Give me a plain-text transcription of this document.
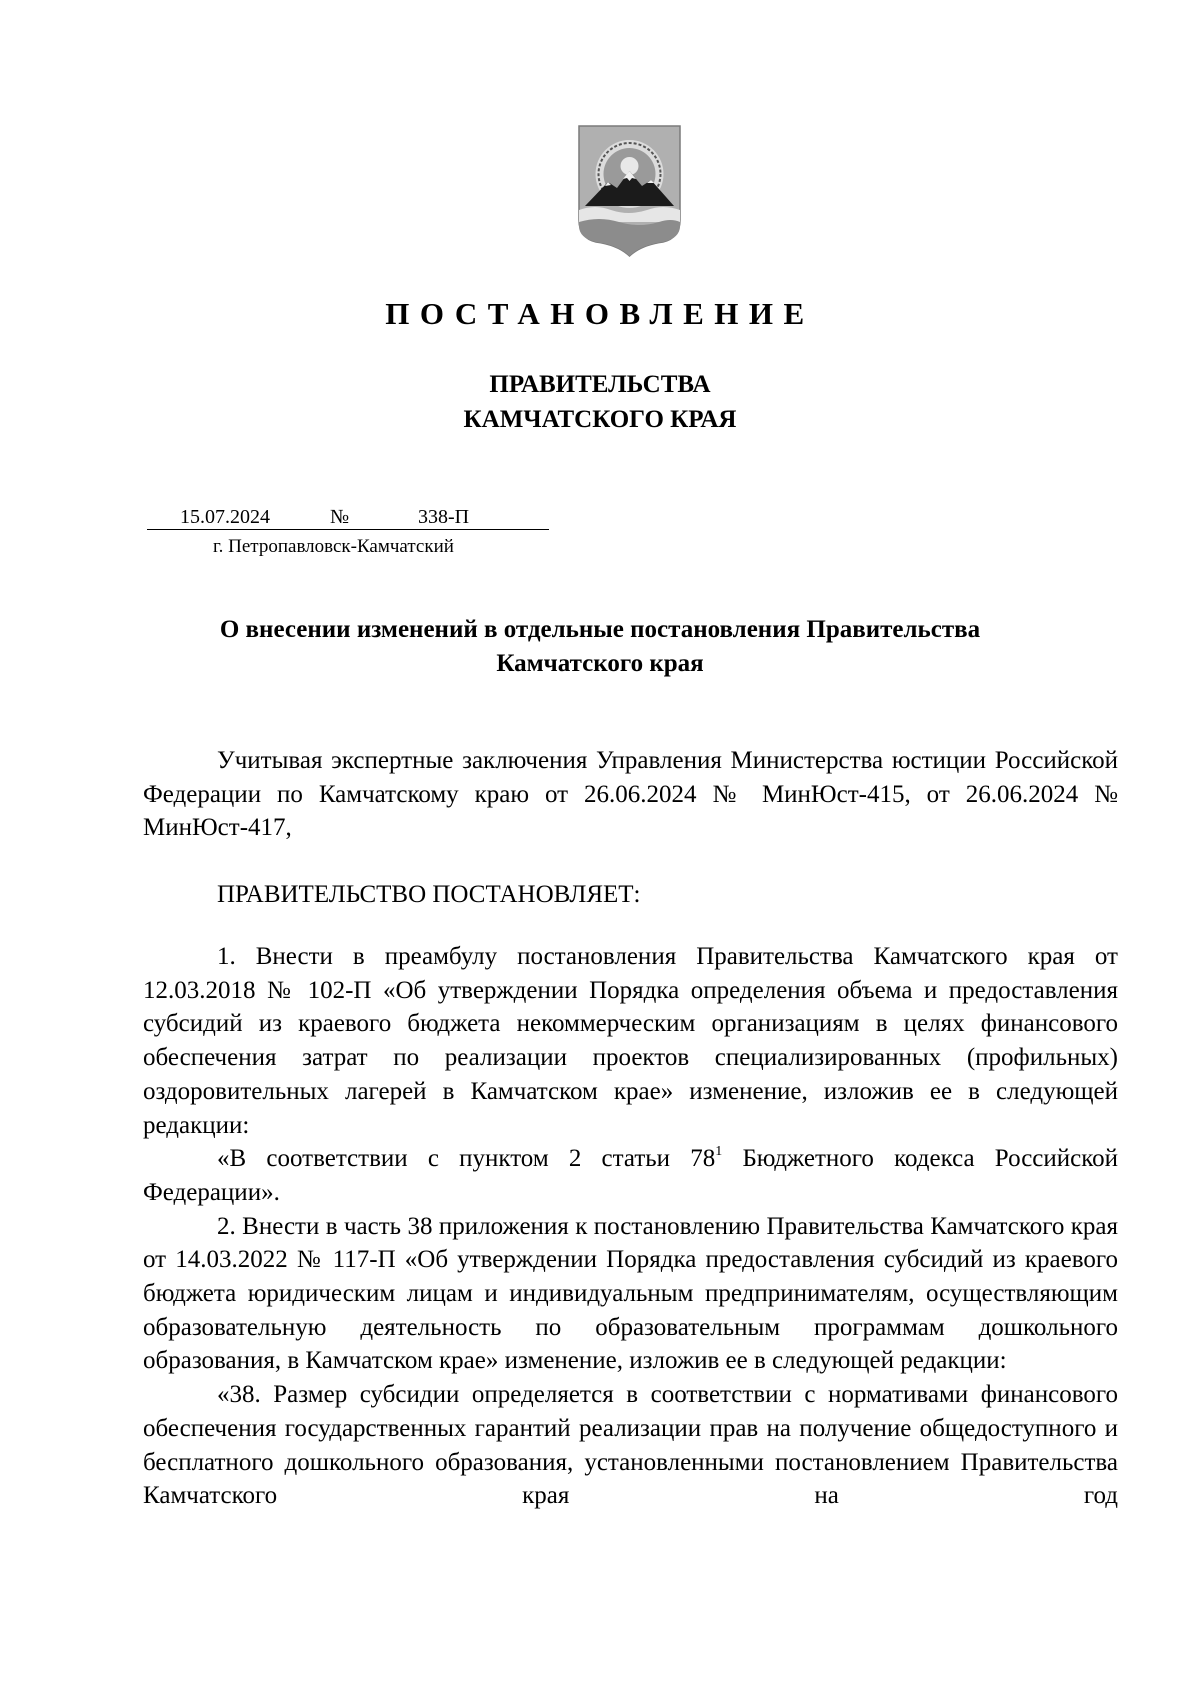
ПОСТАНОВЛЕНИЕ
ПРАВИТЕЛЬСТВА
КАМЧАТСКОГО КРАЯ
15.07.2024	№	338-П
г. Петропавловск-Камчатский
О внесении изменений в отдельные постановления Правительства
Камчатского края

Учитывая экспертные заключения Управления Министерства юстиции Российской Федерации по Камчатскому краю от 26.06.2024 № МинЮст-415, от 26.06.2024 № МинЮст-417,

ПРАВИТЕЛЬСТВО ПОСТАНОВЛЯЕТ:

1. Внести в преамбулу постановления Правительства Камчатского края от 12.03.2018 № 102-П «Об утверждении Порядка определения объема и предоставления субсидий из краевого бюджета некоммерческим организациям в целях финансового обеспечения затрат по реализации проектов специализированных (профильных) оздоровительных лагерей в Камчатском крае» изменение, изложив ее в следующей редакции:

«В соответствии с пунктом 2 статьи $78^1$ Бюджетного кодекса Российской Федерации».

2. Внести в часть 38 приложения к постановлению Правительства Камчатского края от 14.03.2022 № 117-П «Об утверждении Порядка предоставления субсидий из краевого бюджета юридическим лицам и индивидуальным предпринимателям, осуществляющим образовательную деятельность по образовательным программам дошкольного образования, в Камчатском крае» изменение, изложив ее в следующей редакции:

«38. Размер субсидии определяется в соответствии с нормативами финансового обеспечения государственных гарантий реализации прав на получение общедоступного и бесплатного дошкольного образования, установленными постановлением Правительства Камчатского края на год
